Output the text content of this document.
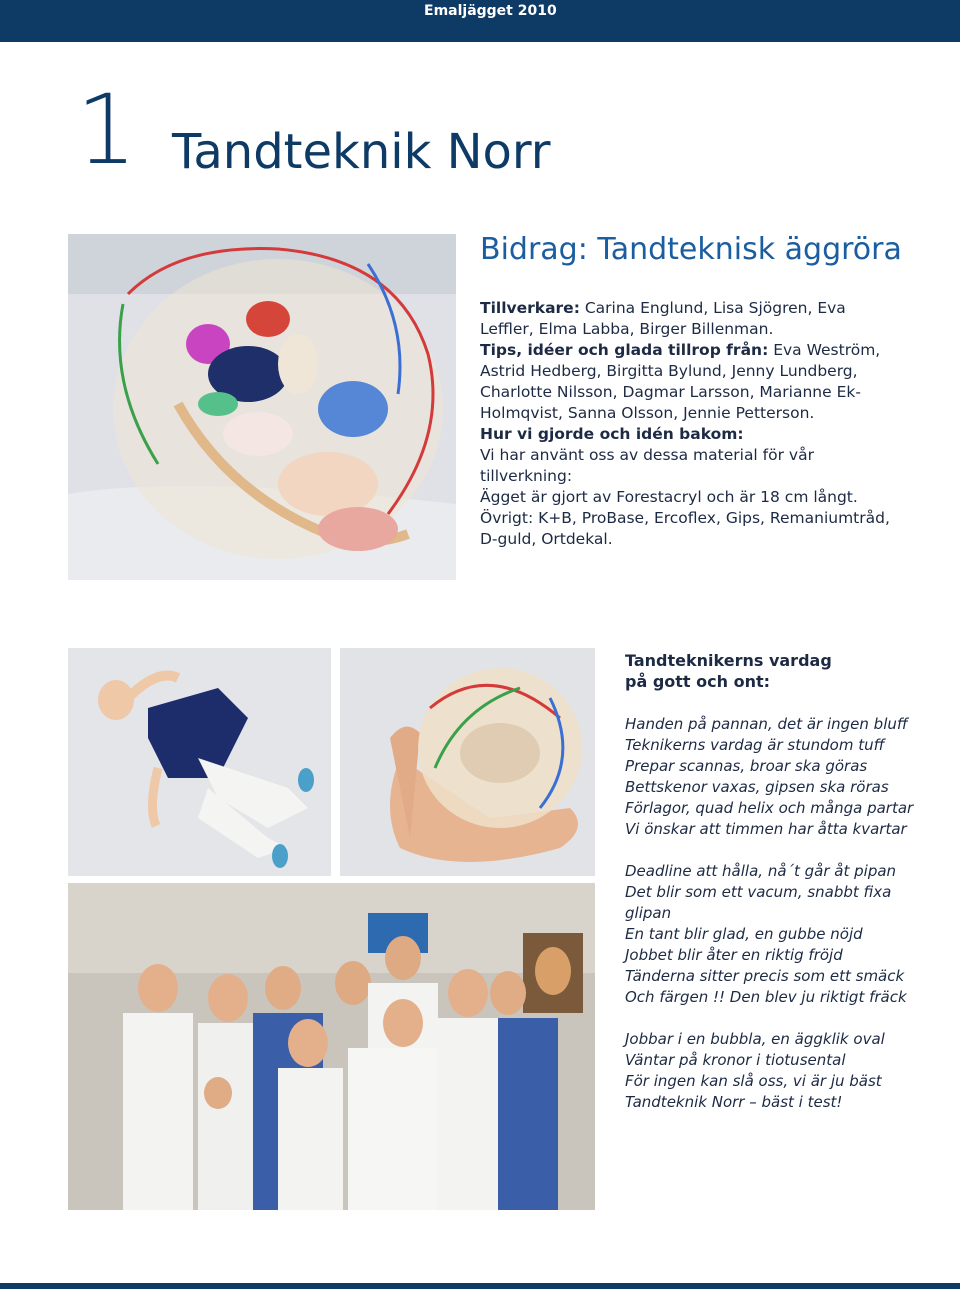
Emaljägget 2010
1 Tandteknik Norr
Bidrag: Tandteknisk äggröra

Tillverkare: Carina Englund, Lisa Sjögren, Eva Leffler, Elma Labba, Birger Billenman.

Tips, idéer och glada tillrop från: Eva Weström, Astrid Hedberg, Birgitta Bylund, Jenny Lundberg, Charlotte Nilsson, Dagmar Larsson, Marianne Ek-Holmqvist, Sanna Olsson, Jennie Petterson.

Hur vi gjorde och idén bakom:

Vi har använt oss av dessa material för vår tillverkning:

Ägget är gjort av Forestacryl och är 18 cm långt.

Övrigt: K+B, ProBase, Ercoflex, Gips, Remaniumtråd, D-guld, Ortdekal.

Tandteknikerns vardag
på gott och ont:
Handen på pannan, det är ingen bluff
Teknikerns vardag är stundom tuff
Prepar scannas, broar ska göras
Bettskenor vaxas, gipsen ska röras
Förlagor, quad helix och många partar
Vi önskar att timmen har åtta kvartar
Deadline att hålla, nå´t går åt pipan
Det blir som ett vacum, snabbt fixa
glipan
En tant blir glad, en gubbe nöjd
Jobbet blir åter en riktig fröjd
Tänderna sitter precis som ett smäck
Och färgen !! Den blev ju riktigt fräck
Jobbar i en bubbla, en äggklik oval
Väntar på kronor i tiotusental
För ingen kan slå oss, vi är ju bäst
Tandteknik Norr – bäst i test!
